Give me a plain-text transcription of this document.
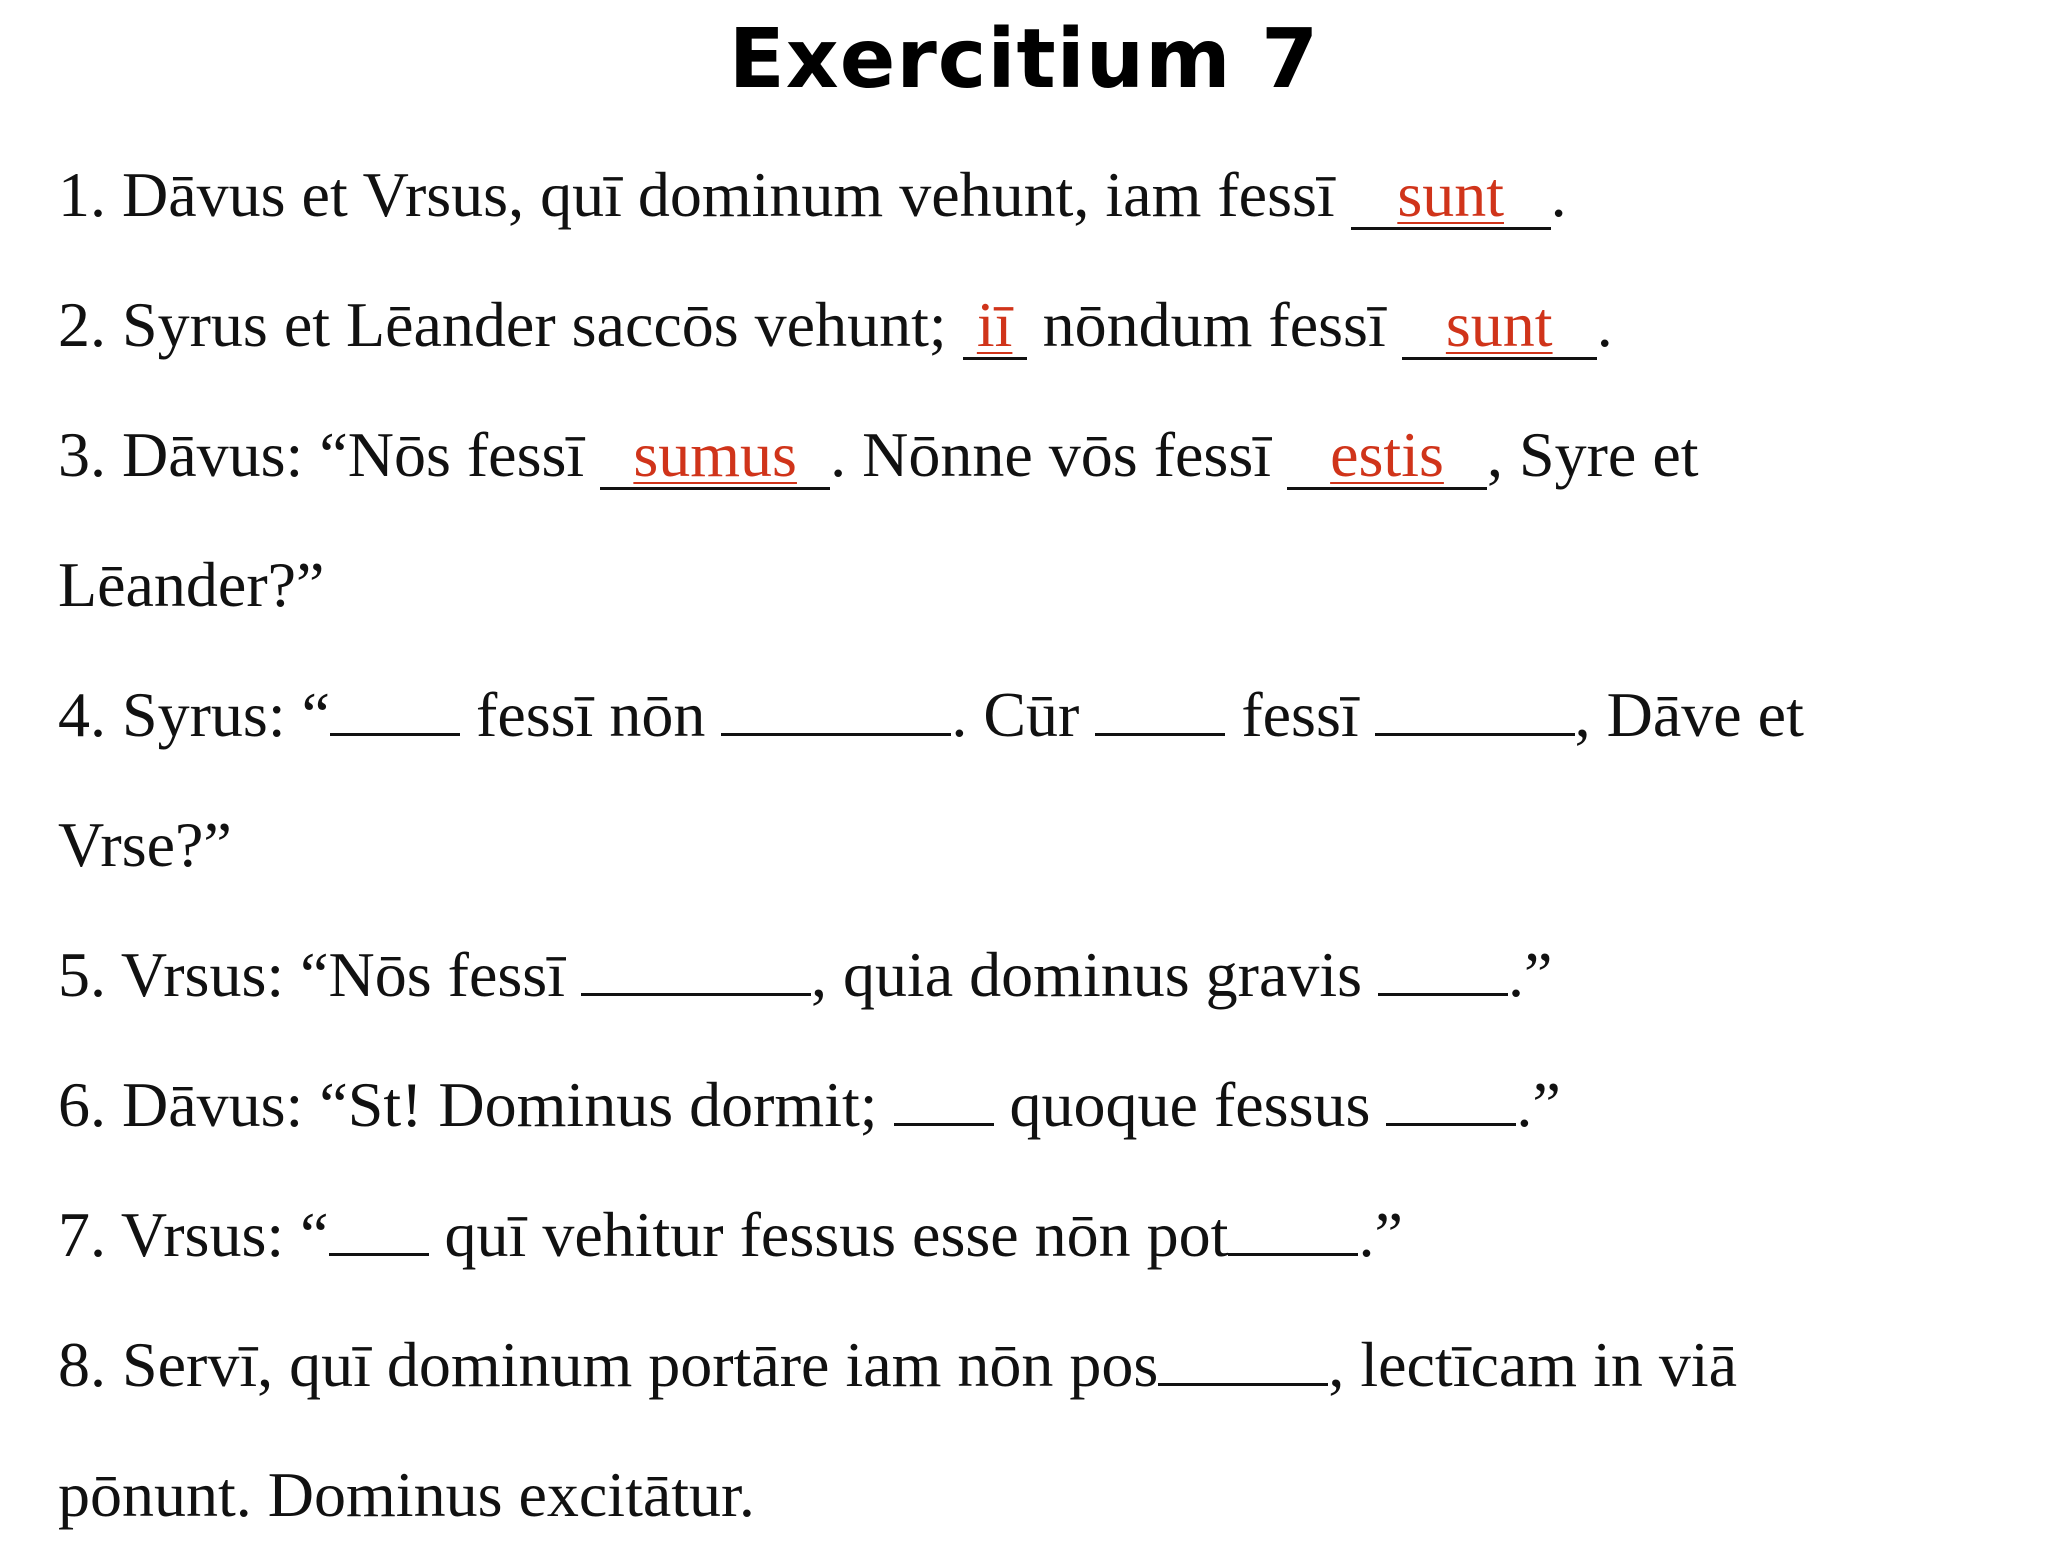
Exercitium 7
1. Dāvus et Vrsus, quī dominum vehunt, iam fessī sunt .
2. Syrus et Lēander saccōs vehunt; iī nōndum fessī sunt .
3. Dāvus: “Nōs fessī sumus . Nōnne vōs fessī estis , Syre et
Lēander?”
4. Syrus: “ fessī nōn	. Cūr  fessī	, Dāve et
Vrse?”
5. Vrsus: “Nōs fessī	, quia dominus gravis .”
6. Dāvus: “St! Dominus dormit;  quoque fessus .”
7. Vrsus: “ quī vehitur fessus esse nōn pot .”
8. Servī, quī dominum portāre iam nōn pos	, lectīcam in viā
pōnunt. Dominus excitātur.
